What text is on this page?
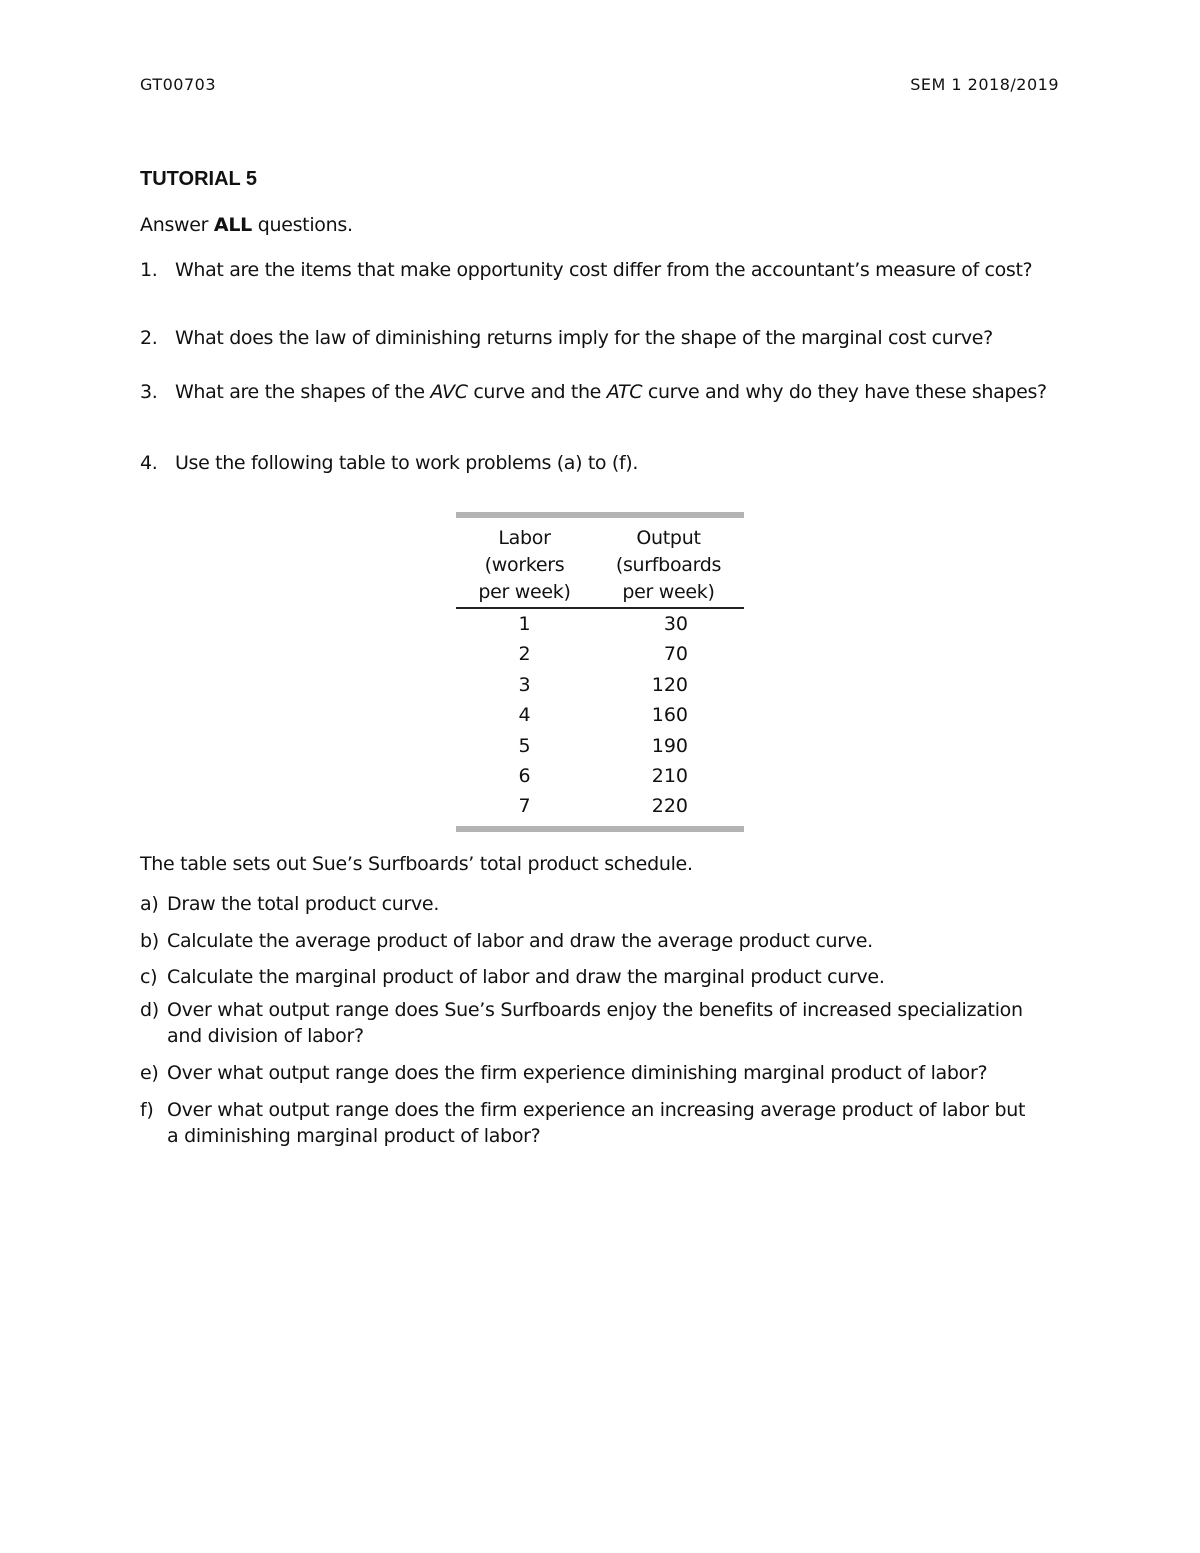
GT00703	SEM 1 2018/2019
TUTORIAL 5
Answer ALL questions.
1. What are the items that make opportunity cost differ from the accountant’s measure of cost?
2. What does the law of diminishing returns imply for the shape of the marginal cost curve?
3. What are the shapes of the AVC curve and the ATC curve and why do they have these shapes?
4. Use the following table to work problems (a) to (f).
Labor
(workers
per week)
Output
(surfboards
per week)
1	30
2	70
3	120
4	160
5	190
6	210
7	220
The table sets out Sue’s Surfboards’ total product schedule.
a) Draw the total product curve.
b) Calculate the average product of labor and draw the average product curve.
c) Calculate the marginal product of labor and draw the marginal product curve.
d) Over what output range does Sue’s Surfboards enjoy the benefits of increased specialization
and division of labor?
e) Over what output range does the firm experience diminishing marginal product of labor?
f) Over what output range does the firm experience an increasing average product of labor but
a diminishing marginal product of labor?
